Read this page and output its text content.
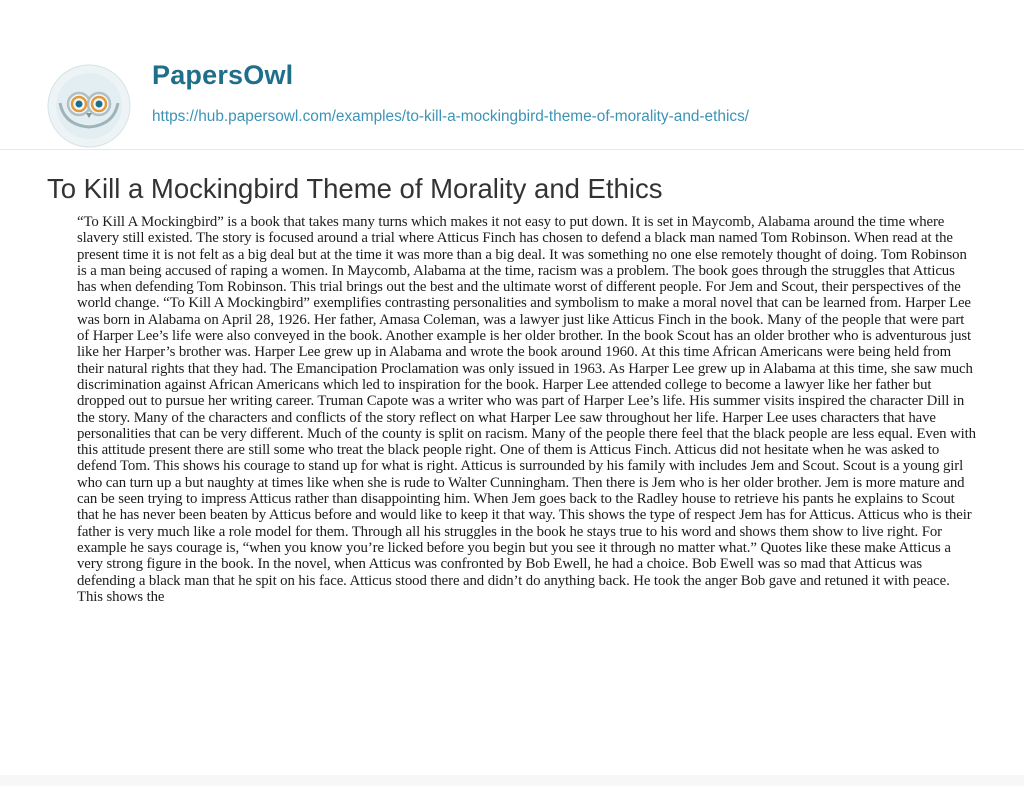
PapersOwl
https://hub.papersowl.com/examples/to-kill-a-mockingbird-theme-of-morality-and-ethics/
To Kill a Mockingbird Theme of Morality and Ethics

“To Kill A Mockingbird” is a book that takes many turns which makes it not easy to put down. It is set in Maycomb, Alabama around the time where slavery still existed. The story is focused around a trial where Atticus Finch has chosen to defend a black man named Tom Robinson. When read at the present time it is not felt as a big deal but at the time it was more than a big deal. It was something no one else remotely thought of doing. Tom Robinson is a man being accused of raping a women. In Maycomb, Alabama at the time, racism was a problem. The book goes through the struggles that Atticus has when defending Tom Robinson. This trial brings out the best and the ultimate worst of different people. For Jem and Scout, their perspectives of the world change. “To Kill A Mockingbird” exemplifies contrasting personalities and symbolism to make a moral novel that can be learned from. Harper Lee was born in Alabama on April 28, 1926. Her father, Amasa Coleman, was a lawyer just like Atticus Finch in the book. Many of the people that were part of Harper Lee’s life were also conveyed in the book. Another example is her older brother. In the book Scout has an older brother who is adventurous just like her Harper’s brother was. Harper Lee grew up in Alabama and wrote the book around 1960. At this time African Americans were being held from their natural rights that they had. The Emancipation Proclamation was only issued in 1963. As Harper Lee grew up in Alabama at this time, she saw much discrimination against African Americans which led to inspiration for the book. Harper Lee attended college to become a lawyer like her father but dropped out to pursue her writing career. Truman Capote was a writer who was part of Harper Lee’s life. His summer visits inspired the character Dill in the story. Many of the characters and conflicts of the story reflect on what Harper Lee saw throughout her life. Harper Lee uses characters that have personalities that can be very different. Much of the county is split on racism. Many of the people there feel that the black people are less equal. Even with this attitude present there are still some who treat the black people right. One of them is Atticus Finch. Atticus did not hesitate when he was asked to defend Tom. This shows his courage to stand up for what is right. Atticus is surrounded by his family with includes Jem and Scout. Scout is a young girl who can turn up a but naughty at times like when she is rude to Walter Cunningham. Then there is Jem who is her older brother. Jem is more mature and can be seen trying to impress Atticus rather than disappointing him. When Jem goes back to the Radley house to retrieve his pants he explains to Scout that he has never been beaten by Atticus before and would like to keep it that way. This shows the type of respect Jem has for Atticus. Atticus who is their father is very much like a role model for them. Through all his struggles in the book he stays true to his word and shows them show to live right. For example he says courage is, “when you know you’re licked before you begin but you see it through no matter what.” Quotes like these make Atticus a very strong figure in the book. In the novel, when Atticus was confronted by Bob Ewell, he had a choice. Bob Ewell was so mad that Atticus was defending a black man that he spit on his face. Atticus stood there and didn’t do anything back. He took the anger Bob gave and retuned it with peace. This shows the
